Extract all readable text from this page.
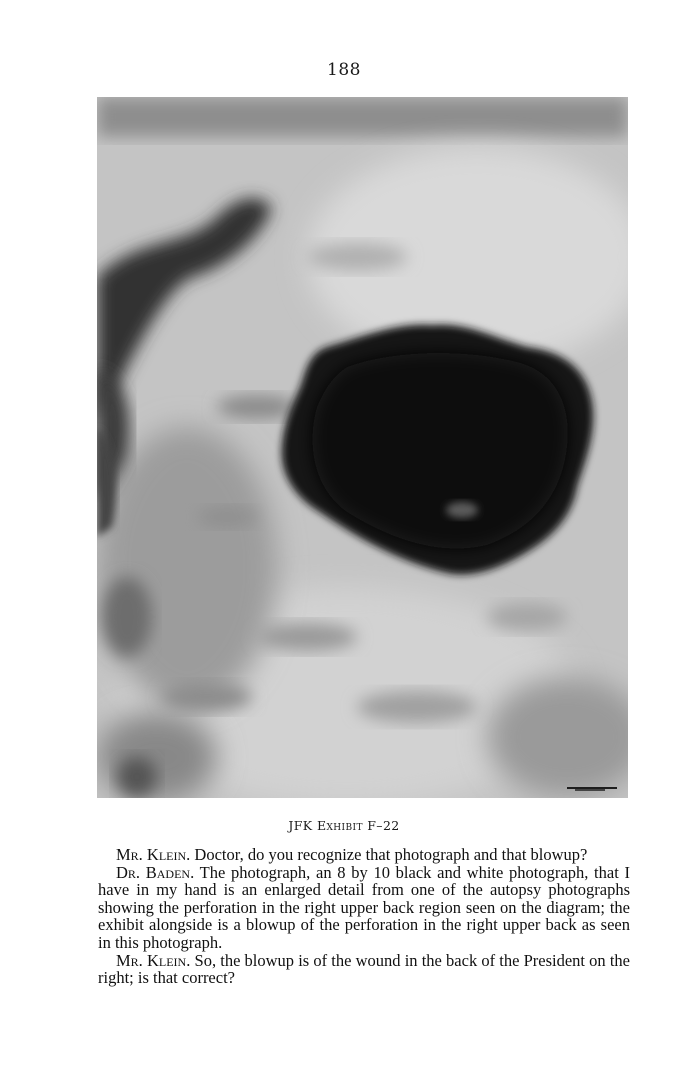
188
JFK Exhibit F–22

Mr. Klein. Doctor, do you recognize that photograph and that blowup?

Dr. Baden. The photograph, an 8 by 10 black and white photograph, that I have in my hand is an enlarged detail from one of the autopsy photographs showing the perforation in the right upper back region seen on the diagram; the exhibit alongside is a blowup of the perforation in the right upper back as seen in this photograph.

Mr. Klein. So, the blowup is of the wound in the back of the President on the right; is that correct?
